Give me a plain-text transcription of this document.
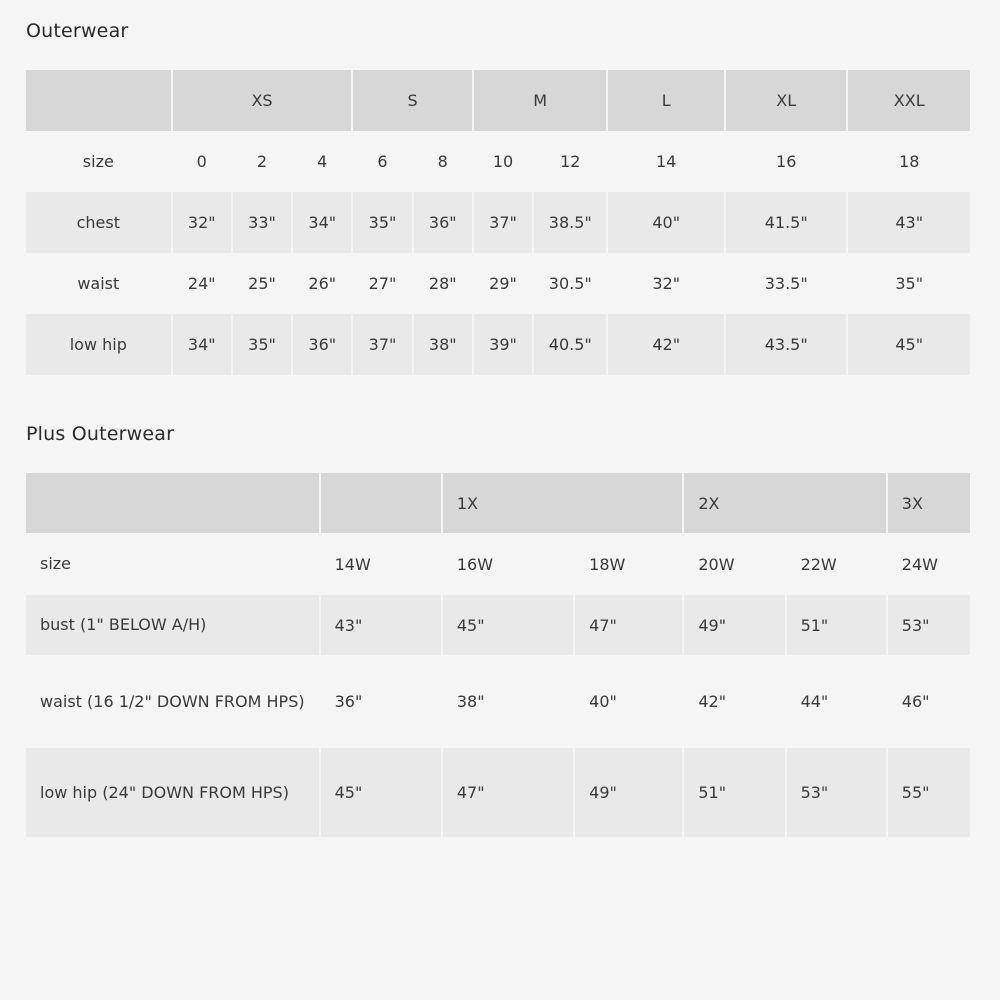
Outerwear
	XS			S		M		L	XL	XXL
size	0	2	4	6	8	10	12	14	16	18
chest	32"	33"	34"	35"	36"	37"	38.5"	40"	41.5"	43"
waist	24"	25"	26"	27"	28"	29"	30.5"	32"	33.5"	35"
low hip	34"	35"	36"	37"	38"	39"	40.5"	42"	43.5"	45"
Plus Outerwear
		1X		2X		3X
size	14W	16W	18W	20W	22W	24W
bust (1" BELOW A/H)	43"	45"	47"	49"	51"	53"
waist (16 1/2" DOWN FROM HPS)	36"	38"	40"	42"	44"	46"
low hip (24" DOWN FROM HPS)	45"	47"	49"	51"	53"	55"
